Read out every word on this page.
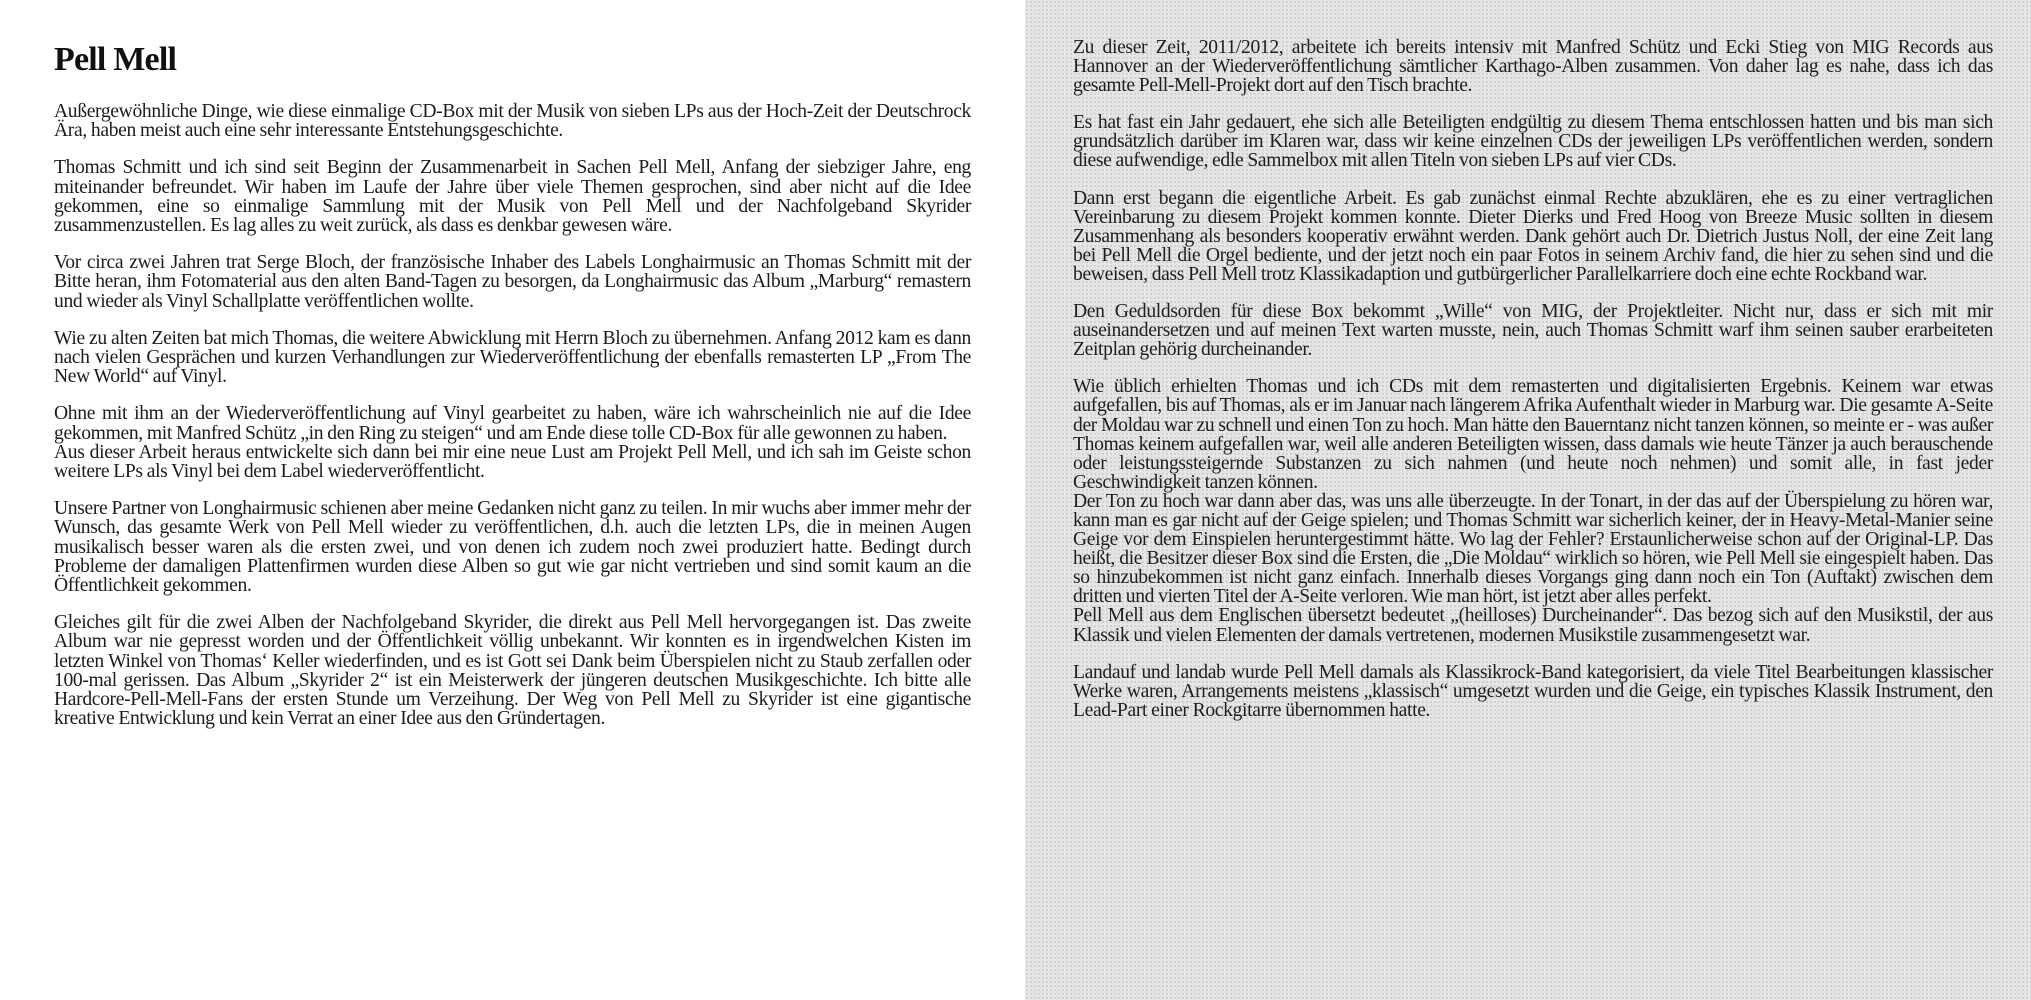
Pell Mell

Außergewöhnliche Dinge, wie diese einmalige CD-Box mit der Musik von sieben LPs aus der Hoch-Zeit der Deutschrock Ära, haben meist auch eine sehr interessante Entstehungsgeschichte.

Thomas Schmitt und ich sind seit Beginn der Zusammenarbeit in Sachen Pell Mell, Anfang der siebziger Jahre, eng miteinander befreundet. Wir haben im Laufe der Jahre über viele Themen gesprochen, sind aber nicht auf die Idee gekommen, eine so einmalige Sammlung mit der Musik von Pell Mell und der Nachfolgeband Skyrider zusammenzustellen. Es lag alles zu weit zurück, als dass es denkbar gewesen wäre.

Vor circa zwei Jahren trat Serge Bloch, der französische Inhaber des Labels Longhairmusic an Thomas Schmitt mit der Bitte heran, ihm Fotomaterial aus den alten Band-Tagen zu besorgen, da Longhairmusic das Album „Marburg“ remastern und wieder als Vinyl Schallplatte veröffentlichen wollte.

Wie zu alten Zeiten bat mich Thomas, die weitere Abwicklung mit Herrn Bloch zu übernehmen. Anfang 2012 kam es dann nach vielen Gesprächen und kurzen Verhandlungen zur Wiederveröffentlichung der ebenfalls remasterten LP „From The New World“ auf Vinyl.

Ohne mit ihm an der Wiederveröffentlichung auf Vinyl gearbeitet zu haben, wäre ich wahrscheinlich nie auf die Idee gekommen, mit Manfred Schütz „in den Ring zu steigen“ und am Ende diese tolle CD-Box für alle gewonnen zu haben.

Aus dieser Arbeit heraus entwickelte sich dann bei mir eine neue Lust am Projekt Pell Mell, und ich sah im Geiste schon weitere LPs als Vinyl bei dem Label wiederveröffentlicht.

Unsere Partner von Longhairmusic schienen aber meine Gedanken nicht ganz zu teilen. In mir wuchs aber immer mehr der Wunsch, das gesamte Werk von Pell Mell wieder zu veröffentlichen, d.h. auch die letzten LPs, die in meinen Augen musikalisch besser waren als die ersten zwei, und von denen ich zudem noch zwei produziert hatte. Bedingt durch Probleme der damaligen Plattenfirmen wurden diese Alben so gut wie gar nicht vertrieben und sind somit kaum an die Öffentlichkeit gekommen.

Gleiches gilt für die zwei Alben der Nachfolgeband Skyrider, die direkt aus Pell Mell hervorgegangen ist. Das zweite Album war nie gepresst worden und der Öffentlichkeit völlig unbekannt. Wir konnten es in irgendwelchen Kisten im letzten Winkel von Thomas‘ Keller wiederfinden, und es ist Gott sei Dank beim Überspielen nicht zu Staub zerfallen oder 100-mal gerissen. Das Album „Skyrider 2“ ist ein Meisterwerk der jüngeren deutschen Musikgeschichte. Ich bitte alle Hardcore-Pell-Mell-Fans der ersten Stunde um Verzeihung. Der Weg von Pell Mell zu Skyrider ist eine gigantische kreative Entwicklung und kein Verrat an einer Idee aus den Gründertagen.

Zu dieser Zeit, 2011/2012, arbeitete ich bereits intensiv mit Manfred Schütz und Ecki Stieg von MIG Records aus Hannover an der Wiederveröffentlichung sämtlicher Karthago-Alben zusammen. Von daher lag es nahe, dass ich das gesamte Pell-Mell-Projekt dort auf den Tisch brachte.

Es hat fast ein Jahr gedauert, ehe sich alle Beteiligten endgültig zu diesem Thema entschlossen hatten und bis man sich grundsätzlich darüber im Klaren war, dass wir keine einzelnen CDs der jeweiligen LPs veröffentlichen werden, sondern diese aufwendige, edle Sammelbox mit allen Titeln von sieben LPs auf vier CDs.

Dann erst begann die eigentliche Arbeit. Es gab zunächst einmal Rechte abzuklären, ehe es zu einer vertraglichen Vereinbarung zu diesem Projekt kommen konnte. Dieter Dierks und Fred Hoog von Breeze Music sollten in diesem Zusammenhang als besonders kooperativ erwähnt werden. Dank gehört auch Dr. Dietrich Justus Noll, der eine Zeit lang bei Pell Mell die Orgel bediente, und der jetzt noch ein paar Fotos in seinem Archiv fand, die hier zu sehen sind und die beweisen, dass Pell Mell trotz Klassikadaption und gutbürgerlicher Parallelkarriere doch eine echte Rockband war.

Den Geduldsorden für diese Box bekommt „Wille“ von MIG, der Projektleiter. Nicht nur, dass er sich mit mir auseinandersetzen und auf meinen Text warten musste, nein, auch Thomas Schmitt warf ihm seinen sauber erarbeiteten Zeitplan gehörig durcheinander.

Wie üblich erhielten Thomas und ich CDs mit dem remasterten und digitalisierten Ergebnis. Keinem war etwas aufgefallen, bis auf Thomas, als er im Januar nach längerem Afrika Aufenthalt wieder in Marburg war. Die gesamte A-Seite der Moldau war zu schnell und einen Ton zu hoch. Man hätte den Bauerntanz nicht tanzen können, so meinte er - was außer Thomas keinem aufgefallen war, weil alle anderen Beteiligten wissen, dass damals wie heute Tänzer ja auch berauschende oder leistungssteigernde Substanzen zu sich nahmen (und heute noch nehmen) und somit alle, in fast jeder Geschwindigkeit tanzen können.

Der Ton zu hoch war dann aber das, was uns alle überzeugte. In der Tonart, in der das auf der Überspielung zu hören war, kann man es gar nicht auf der Geige spielen; und Thomas Schmitt war sicherlich keiner, der in Heavy-Metal-Manier seine Geige vor dem Einspielen heruntergestimmt hätte. Wo lag der Fehler? Erstaunlicherweise schon auf der Original-LP. Das heißt, die Besitzer dieser Box sind die Ersten, die „Die Moldau“ wirklich so hören, wie Pell Mell sie eingespielt haben. Das so hinzubekommen ist nicht ganz einfach. Innerhalb dieses Vorgangs ging dann noch ein Ton (Auftakt) zwischen dem dritten und vierten Titel der A-Seite verloren. Wie man hört, ist jetzt aber alles perfekt.

Pell Mell aus dem Englischen übersetzt bedeutet „(heilloses) Durcheinander“. Das bezog sich auf den Musikstil, der aus Klassik und vielen Elementen der damals vertretenen, modernen Musikstile zusammengesetzt war.

Landauf und landab wurde Pell Mell damals als Klassikrock-Band kategorisiert, da viele Titel Bearbeitungen klassischer Werke waren, Arrangements meistens „klassisch“ umgesetzt wurden und die Geige, ein typisches Klassik Instrument, den Lead-Part einer Rockgitarre übernommen hatte.
